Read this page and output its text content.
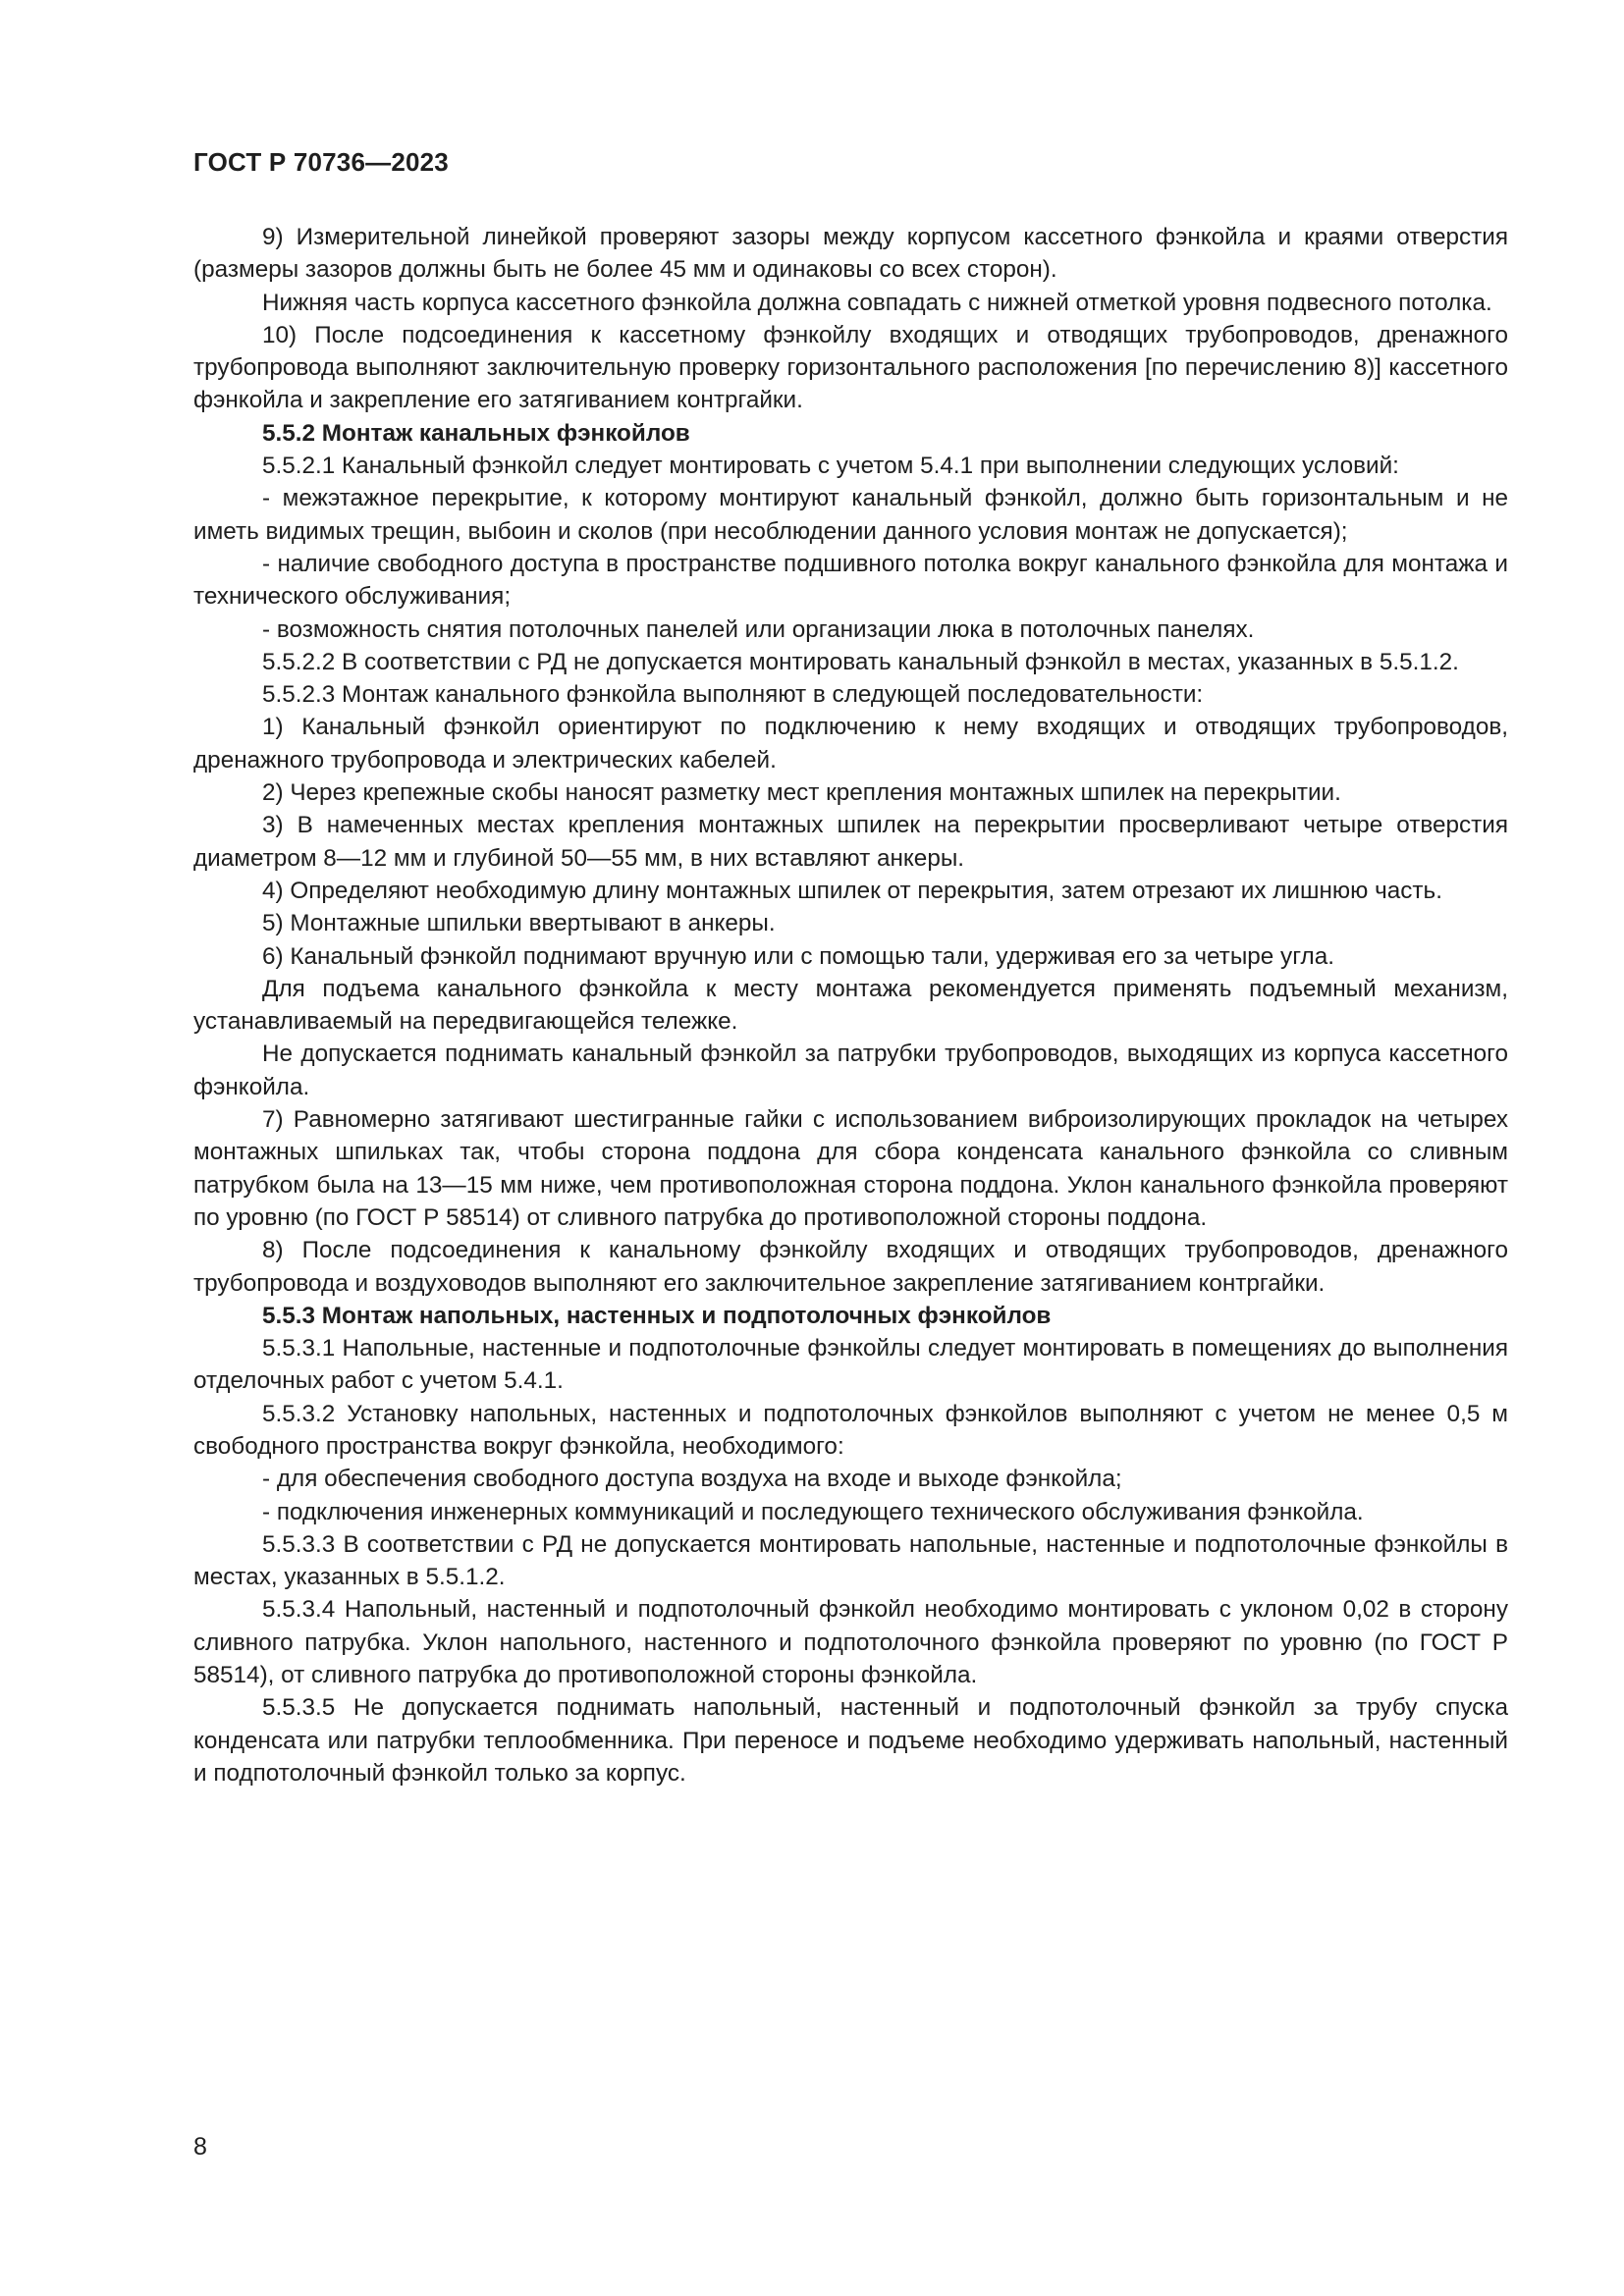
ГОСТ Р 70736—2023

9) Измерительной линейкой проверяют зазоры между корпусом кассетного фэнкойла и краями отверстия (размеры зазоров должны быть не более 45 мм и одинаковы со всех сторон).

Нижняя часть корпуса кассетного фэнкойла должна совпадать с нижней отметкой уровня подвесного потолка.

10) После подсоединения к кассетному фэнкойлу входящих и отводящих трубопроводов, дренажного трубопровода выполняют заключительную проверку горизонтального расположения [по перечислению 8)] кассетного фэнкойла и закрепление его затягиванием контргайки.

5.5.2 Монтаж канальных фэнкойлов

5.5.2.1 Канальный фэнкойл следует монтировать с учетом 5.4.1 при выполнении следующих условий:

- межэтажное перекрытие, к которому монтируют канальный фэнкойл, должно быть горизонтальным и не иметь видимых трещин, выбоин и сколов (при несоблюдении данного условия монтаж не допускается);

- наличие свободного доступа в пространстве подшивного потолка вокруг канального фэнкойла для монтажа и технического обслуживания;

- возможность снятия потолочных панелей или организации люка в потолочных панелях.

5.5.2.2 В соответствии с РД не допускается монтировать канальный фэнкойл в местах, указанных в 5.5.1.2.

5.5.2.3 Монтаж канального фэнкойла выполняют в следующей последовательности:

1) Канальный фэнкойл ориентируют по подключению к нему входящих и отводящих трубопроводов, дренажного трубопровода и электрических кабелей.

2) Через крепежные скобы наносят разметку мест крепления монтажных шпилек на перекрытии.

3) В намеченных местах крепления монтажных шпилек на перекрытии просверливают четыре отверстия диаметром 8—12 мм и глубиной 50—55 мм, в них вставляют анкеры.

4) Определяют необходимую длину монтажных шпилек от перекрытия, затем отрезают их лишнюю часть.

5) Монтажные шпильки ввертывают в анкеры.

6) Канальный фэнкойл поднимают вручную или с помощью тали, удерживая его за четыре угла.

Для подъема канального фэнкойла к месту монтажа рекомендуется применять подъемный механизм, устанавливаемый на передвигающейся тележке.

Не допускается поднимать канальный фэнкойл за патрубки трубопроводов, выходящих из корпуса кассетного фэнкойла.

7) Равномерно затягивают шестигранные гайки с использованием виброизолирующих прокладок на четырех монтажных шпильках так, чтобы сторона поддона для сбора конденсата канального фэнкойла со сливным патрубком была на 13—15 мм ниже, чем противоположная сторона поддона. Уклон канального фэнкойла проверяют по уровню (по ГОСТ Р 58514) от сливного патрубка до противоположной стороны поддона.

8) После подсоединения к канальному фэнкойлу входящих и отводящих трубопроводов, дренажного трубопровода и воздуховодов выполняют его заключительное закрепление затягиванием контргайки.

5.5.3 Монтаж напольных, настенных и подпотолочных фэнкойлов

5.5.3.1 Напольные, настенные и подпотолочные фэнкойлы следует монтировать в помещениях до выполнения отделочных работ с учетом 5.4.1.

5.5.3.2 Установку напольных, настенных и подпотолочных фэнкойлов выполняют с учетом не менее 0,5 м свободного пространства вокруг фэнкойла, необходимого:

- для обеспечения свободного доступа воздуха на входе и выходе фэнкойла;

- подключения инженерных коммуникаций и последующего технического обслуживания фэнкойла.

5.5.3.3 В соответствии с РД не допускается монтировать напольные, настенные и подпотолочные фэнкойлы в местах, указанных в 5.5.1.2.

5.5.3.4 Напольный, настенный и подпотолочный фэнкойл необходимо монтировать с уклоном 0,02 в сторону сливного патрубка. Уклон напольного, настенного и подпотолочного фэнкойла проверяют по уровню (по ГОСТ Р 58514), от сливного патрубка до противоположной стороны фэнкойла.

5.5.3.5 Не допускается поднимать напольный, настенный и подпотолочный фэнкойл за трубу спуска конденсата или патрубки теплообменника. При переносе и подъеме необходимо удерживать напольный, настенный и подпотолочный фэнкойл только за корпус.

8
